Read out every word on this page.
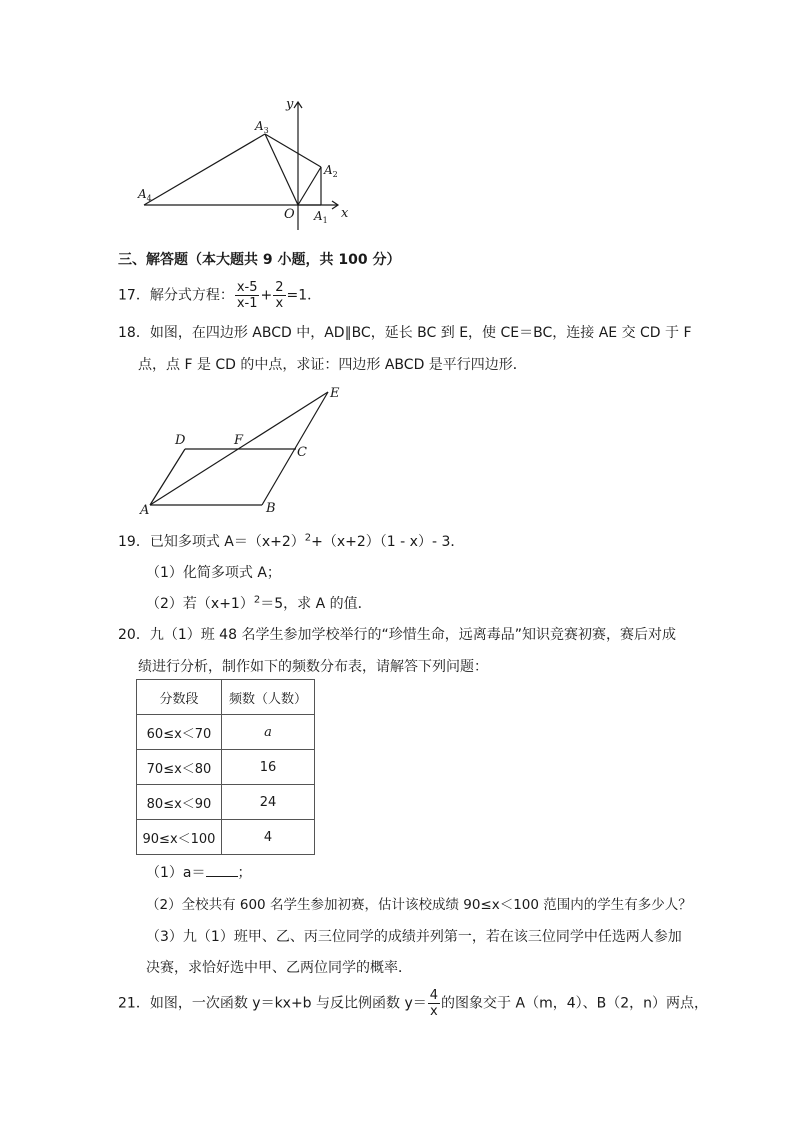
y
x
O $A_1$
$A_2$
$A_3$
$A_4$
三、解答题（本大题共 9 小题，共 100 分）
17．解分式方程： $\frac{x-5}{x-1} + \frac{2}{x} =1$．
18．如图，在四边形 ABCD 中，AD∥BC，延长 BC 到 E，使 CE＝BC，连接 AE 交 CD 于 F
点，点 F 是 CD 的中点，求证：四边形 ABCD 是平行四边形．
A	B
C
D	F
E
19．已知多项式 $A=(x+2)^2+(x+2)(1 - x)-$ 3．
（1）化简多项式 A；
（2）若$(x+1)^2=5$，求 A 的值．
20．九（1）班 48 名学生参加学校举行的“珍惜生命，远离毒品”知识竞赛初赛，赛后对成
绩进行分析，制作如下的频数分布表，请解答下列问题：
分数段	频数（人数）
60≤x＜70	a
70≤x＜80	16
80≤x＜90	24
90≤x＜100	4
（1）a＝ ；
（2）全校共有 600 名学生参加初赛，估计该校成绩 90≤x＜100 范围内的学生有多少人？
（3）九（1）班甲、乙、丙三位同学的成绩并列第一，若在该三位同学中任选两人参加
决赛，求恰好选中甲、乙两位同学的概率．
21．如图，一次函数 y＝kx+b 与反比例函数 $y= \frac{4}{x}$ 的图象交于 A（m，4）、B（2，n）两点，
